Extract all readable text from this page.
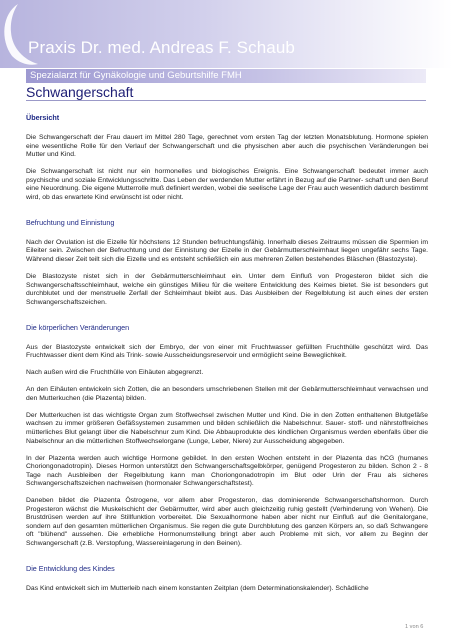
Praxis Dr. med. Andreas F. Schaub
Spezialarzt für Gynäkologie und Geburtshilfe FMH
Schwangerschaft
Übersicht

Die Schwangerschaft der Frau dauert im Mittel 280 Tage, gerechnet vom ersten Tag der letzten Monatsblutung. Hormone spielen eine wesentliche Rolle für den Verlauf der Schwangerschaft und die physischen aber auch die psychischen Veränderungen bei Mutter und Kind.

Die Schwangerschaft ist nicht nur ein hormonelles und biologisches Ereignis. Eine Schwangerschaft bedeutet immer auch psychische und soziale Entwicklungsschritte. Das Leben der werdenden Mutter erfährt in Bezug auf die Partner- schaft und den Beruf eine Neuordnung. Die eigene Mutterrolle muß definiert werden, wobei die seelische Lage der Frau auch wesentlich dadurch bestimmt wird, ob das erwartete Kind erwünscht ist oder nicht.

Befruchtung und Einnistung

Nach der Ovulation ist die Eizelle für höchstens 12 Stunden befruchtungsfähig. Innerhalb dieses Zeitraums müssen die Spermien im Eileiter sein. Zwischen der Befruchtung und der Einnistung der Eizelle in der Gebärmutterschleimhaut liegen ungefähr sechs Tage. Während dieser Zeit teilt sich die Eizelle und es entsteht schließlich ein aus mehreren Zellen bestehendes Bläschen (Blastozyste).

Die Blastozyste nistet sich in der Gebärmutterschleimhaut ein. Unter dem Einfluß von Progesteron bildet sich die Schwangerschaftsschleimhaut, welche ein günstiges Milieu für die weitere Entwicklung des Keimes bietet. Sie ist besonders gut durchblutet und der menstruelle Zerfall der Schleimhaut bleibt aus. Das Ausbleiben der Regelblutung ist auch eines der ersten Schwangerschaftszeichen.

Die körperlichen Veränderungen

Aus der Blastozyste entwickelt sich der Embryo, der von einer mit Fruchtwasser gefüllten Fruchthülle geschützt wird. Das Fruchtwasser dient dem Kind als Trink- sowie Ausscheidungsreservoir und ermöglicht seine Beweglichkeit.

Nach außen wird die Fruchthülle von Eihäuten abgegrenzt.

An den Eihäuten entwickeln sich Zotten, die an besonders umschriebenen Stellen mit der Gebärmutterschleimhaut verwachsen und den Mutterkuchen (die Plazenta) bilden.

Der Mutterkuchen ist das wichtigste Organ zum Stoffwechsel zwischen Mutter und Kind. Die in den Zotten enthaltenen Blutgefäße wachsen zu immer größeren Gefäßsystemen zusammen und bilden schließlich die Nabelschnur. Sauer- stoff- und nährstoffreiches mütterliches Blut gelangt über die Nabelschnur zum Kind. Die Abbauprodukte des kindlichen Organismus werden ebenfalls über die Nabelschnur an die mütterlichen Stoffwechselorgane (Lunge, Leber, Niere) zur Ausscheidung abgegeben.

In der Plazenta werden auch wichtige Hormone gebildet. In den ersten Wochen entsteht in der Plazenta das hCG (humanes Choriongonadotropin). Dieses Hormon unterstützt den Schwangerschaftsgelbkörper, genügend Progesteron zu bilden. Schon 2 - 8 Tage nach Ausbleiben der Regelblutung kann man Choriongonadotropin im Blut oder Urin der Frau als sicheres Schwangerschaftszeichen nachweisen (hormonaler Schwangerschaftstest).

Daneben bildet die Plazenta Östrogene, vor allem aber Progesteron, das dominierende Schwangerschaftshormon. Durch Progesteron wächst die Muskelschicht der Gebärmutter, wird aber auch gleichzeitig ruhig gestellt (Verhinderung von Wehen). Die Brustdrüsen werden auf ihre Stillfunktion vorbereitet. Die Sexualhormone haben aber nicht nur Einfluß auf die Genitalorgane, sondern auf den gesamten mütterlichen Organismus. Sie regen die gute Durchblutung des ganzen Körpers an, so daß Schwangere oft "blühend" aussehen. Die erhebliche Hormonumstellung bringt aber auch Probleme mit sich, vor allem zu Beginn der Schwangerschaft (z.B. Verstopfung, Wassereinlagerung in den Beinen).

Die Entwicklung des Kindes

Das Kind entwickelt sich im Mutterleib nach einem konstanten Zeitplan (dem Determinationskalender). Schädliche

1 von 6
